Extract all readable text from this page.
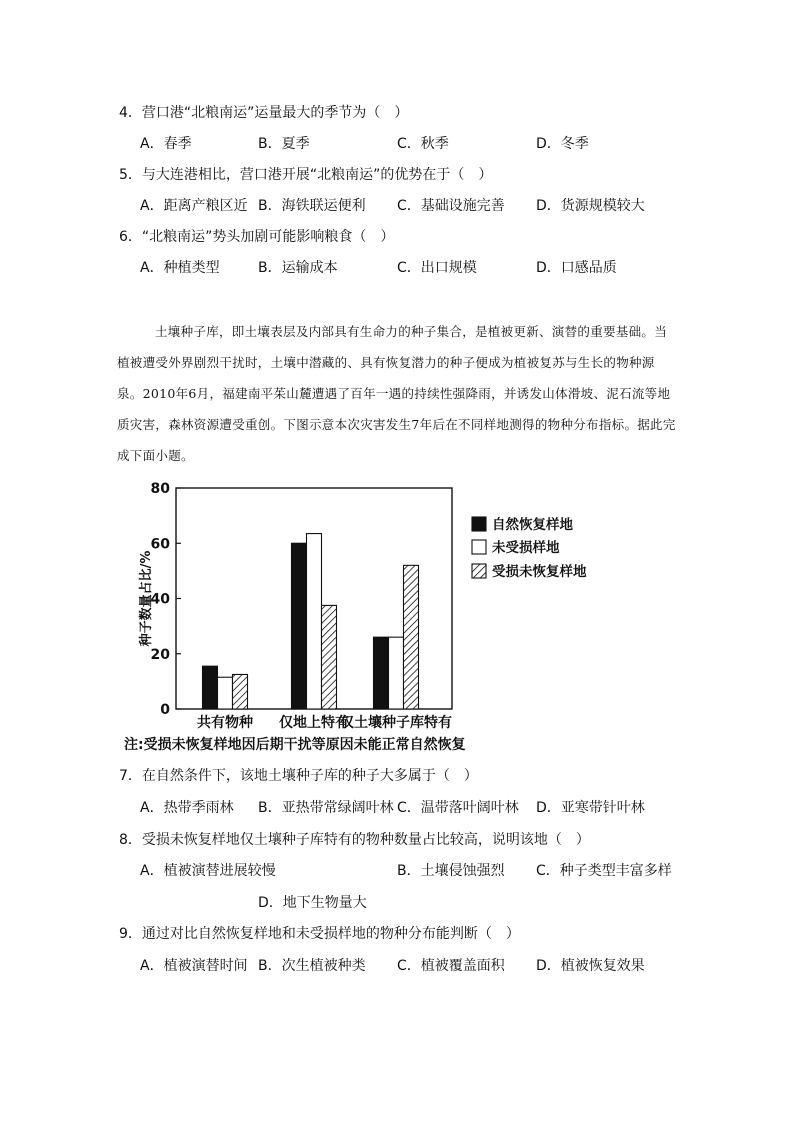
4．营口港“北粮南运”运量最大的季节为（　）
A．春季	B．夏季	C．秋季	D．冬季
5．与大连港相比，营口港开展“北粮南运”的优势在于（　）
A．距离产粮区近 B．海铁联运便利 C．基础设施完善 D．货源规模较大
6．“北粮南运”势头加剧可能影响粮食（　）
A．种植类型	B．运输成本	C．出口规模	D．口感品质
土壤种子库，即土壤表层及内部具有生命力的种子集合，是植被更新、演替的重要基础。当植被遭受外界剧烈干扰时，土壤中潜藏的、具有恢复潜力的种子便成为植被复苏与生长的物种源泉。2010年6月，福建南平茱山麓遭遇了百年一遇的持续性强降雨，并诱发山体滑坡、泥石流等地质灾害，森林资源遭受重创。下图示意本次灾害发生7年后在不同样地测得的物种分布指标。据此完成下面小题。
0
20
40
60
80
种子数量占比/%
共有物种 仅地上特有
仅土壤种子库特有
自然恢复样地
未受损样地
受损未恢复样地
注:受损未恢复样地因后期干扰等原因未能正常自然恢复
7．在自然条件下，该地土壤种子库的种子大多属于（　）
A．热带季雨林 B．亚热带常绿阔叶林 C．温带落叶阔叶林 D．亚寒带针叶林
8．受损未恢复样地仅土壤种子库特有的物种数量占比较高，说明该地（　）
A．植被演替进展较慢	B．土壤侵蚀强烈 C．种子类型丰富多样
D．地下生物量大
9．通过对比自然恢复样地和未受损样地的物种分布能判断（　）
A．植被演替时间 B．次生植被种类 C．植被覆盖面积 D．植被恢复效果
